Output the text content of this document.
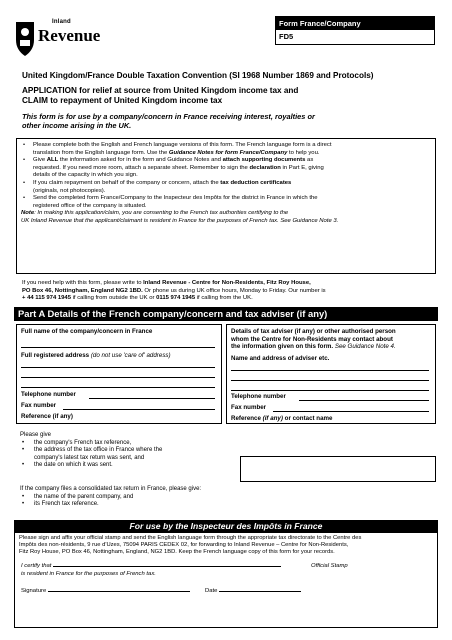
Inland
Revenue
Form France/Company
FD5
United Kingdom/France Double Taxation Convention (SI 1968 Number 1869 and Protocols)
APPLICATION for relief at source from United Kingdom income tax and
CLAIM to repayment of United Kingdom income tax
This form is for use by a company/concern in France receiving interest, royalties or
other income arising in the UK.
• Please complete both the English and French language versions of this form. The French language form is a direct
translation from the English language form. Use the Guidance Notes for form France/Company to help you.
• Give ALL the information asked for in the form and Guidance Notes and attach supporting documents as
requested. If you need more room, attach a separate sheet. Remember to sign the declaration in Part E, giving
details of the capacity in which you sign.
• If you claim repayment on behalf of the company or concern, attach the tax deduction certificates
(originals, not photocopies).
• Send the completed form France/Company to the Inspecteur des Impôts for the district in France in which the
registered office of the company is situated.
Note: In making this application/claim, you are consenting to the French tax authorities certifying to the
UK Inland Revenue that the applicant/claimant is resident in France for the purposes of French tax. See Guidance Note 3.
If you need help with this form, please write to Inland Revenue - Centre for Non-Residents, Fitz Roy House,
PO Box 46, Nottingham, England NG2 1BD. Or phone us during UK office hours, Monday to Friday. Our number is
+ 44 115 974 1945 if calling from outside the UK or 0115 974 1945 if calling from the UK.
Part A Details of the French company/concern and tax adviser (if any)
Full name of the company/concern in France
Full registered address (do not use 'care of' address)
Telephone number
Fax number
Reference (if any)
Details of tax adviser (if any) or other authorised person
whom the Centre for Non-Residents may contact about
the information given on this form. See Guidance Note 4.
Name and address of adviser etc.
Telephone number
Fax number
Reference (if any) or contact name
Please give
• the company's French tax reference,
• the address of the tax office in France where the
company's latest tax return was sent, and
• the date on which it was sent.
If the company files a consolidated tax return in France, please give:
• the name of the parent company, and
• its French tax reference.
For use by the Inspecteur des Impôts in France
Please sign and affix your official stamp and send the English language form through the appropriate tax directorate to the Centre des
Impôts des non-résidents, 9 rue d'Uzes, 75094 PARIS CEDEX 02, for forwarding to Inland Revenue – Centre for Non-Residents,
Fitz Roy House, PO Box 46, Nottingham, England, NG2 1BD. Keep the French language copy of this form for your records.
I certify that
is resident in France for the purposes of French tax.
Official Stamp
Signature	Date
